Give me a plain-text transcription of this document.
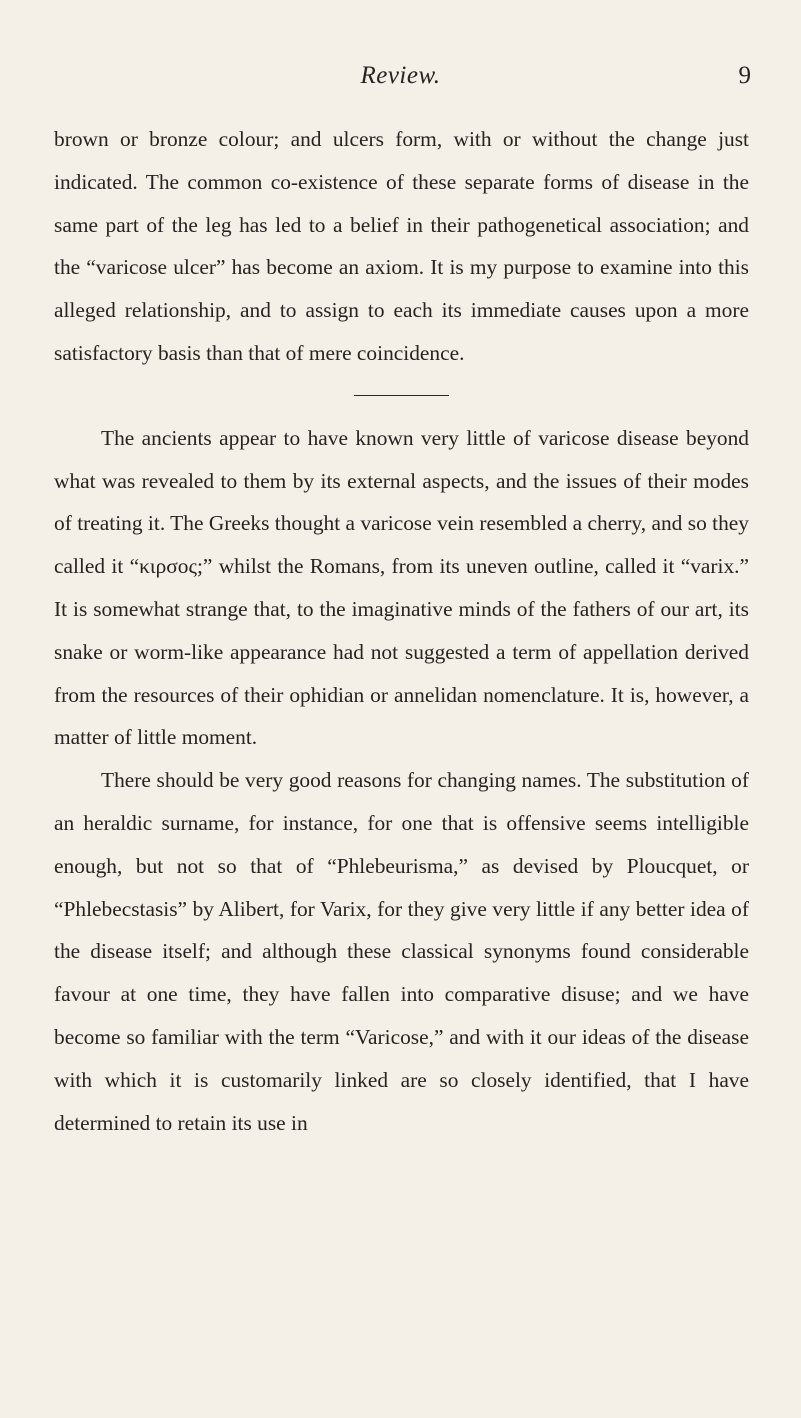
Review.	9

brown or bronze colour; and ulcers form, with or without the change just indicated. The common co-existence of these separate forms of disease in the same part of the leg has led to a belief in their pathogenetical association; and the “varicose ulcer” has become an axiom. It is my purpose to examine into this alleged relationship, and to assign to each its immediate causes upon a more satisfactory basis than that of mere coincidence.

The ancients appear to have known very little of varicose disease beyond what was revealed to them by its external aspects, and the issues of their modes of treating it. The Greeks thought a varicose vein resembled a cherry, and so they called it “κιρσος;” whilst the Romans, from its uneven outline, called it “varix.” It is somewhat strange that, to the imaginative minds of the fathers of our art, its snake or worm-like appearance had not suggested a term of appellation derived from the resources of their ophidian or annelidan nomenclature. It is, however, a matter of little moment.

There should be very good reasons for changing names. The substitution of an heraldic surname, for instance, for one that is offensive seems intelligible enough, but not so that of “Phlebeurisma,” as devised by Ploucquet, or “Phlebecstasis” by Alibert, for Varix, for they give very little if any better idea of the disease itself; and although these classical synonyms found considerable favour at one time, they have fallen into comparative disuse; and we have become so familiar with the term “Varicose,” and with it our ideas of the disease with which it is customarily linked are so closely identified, that I have determined to retain its use in
